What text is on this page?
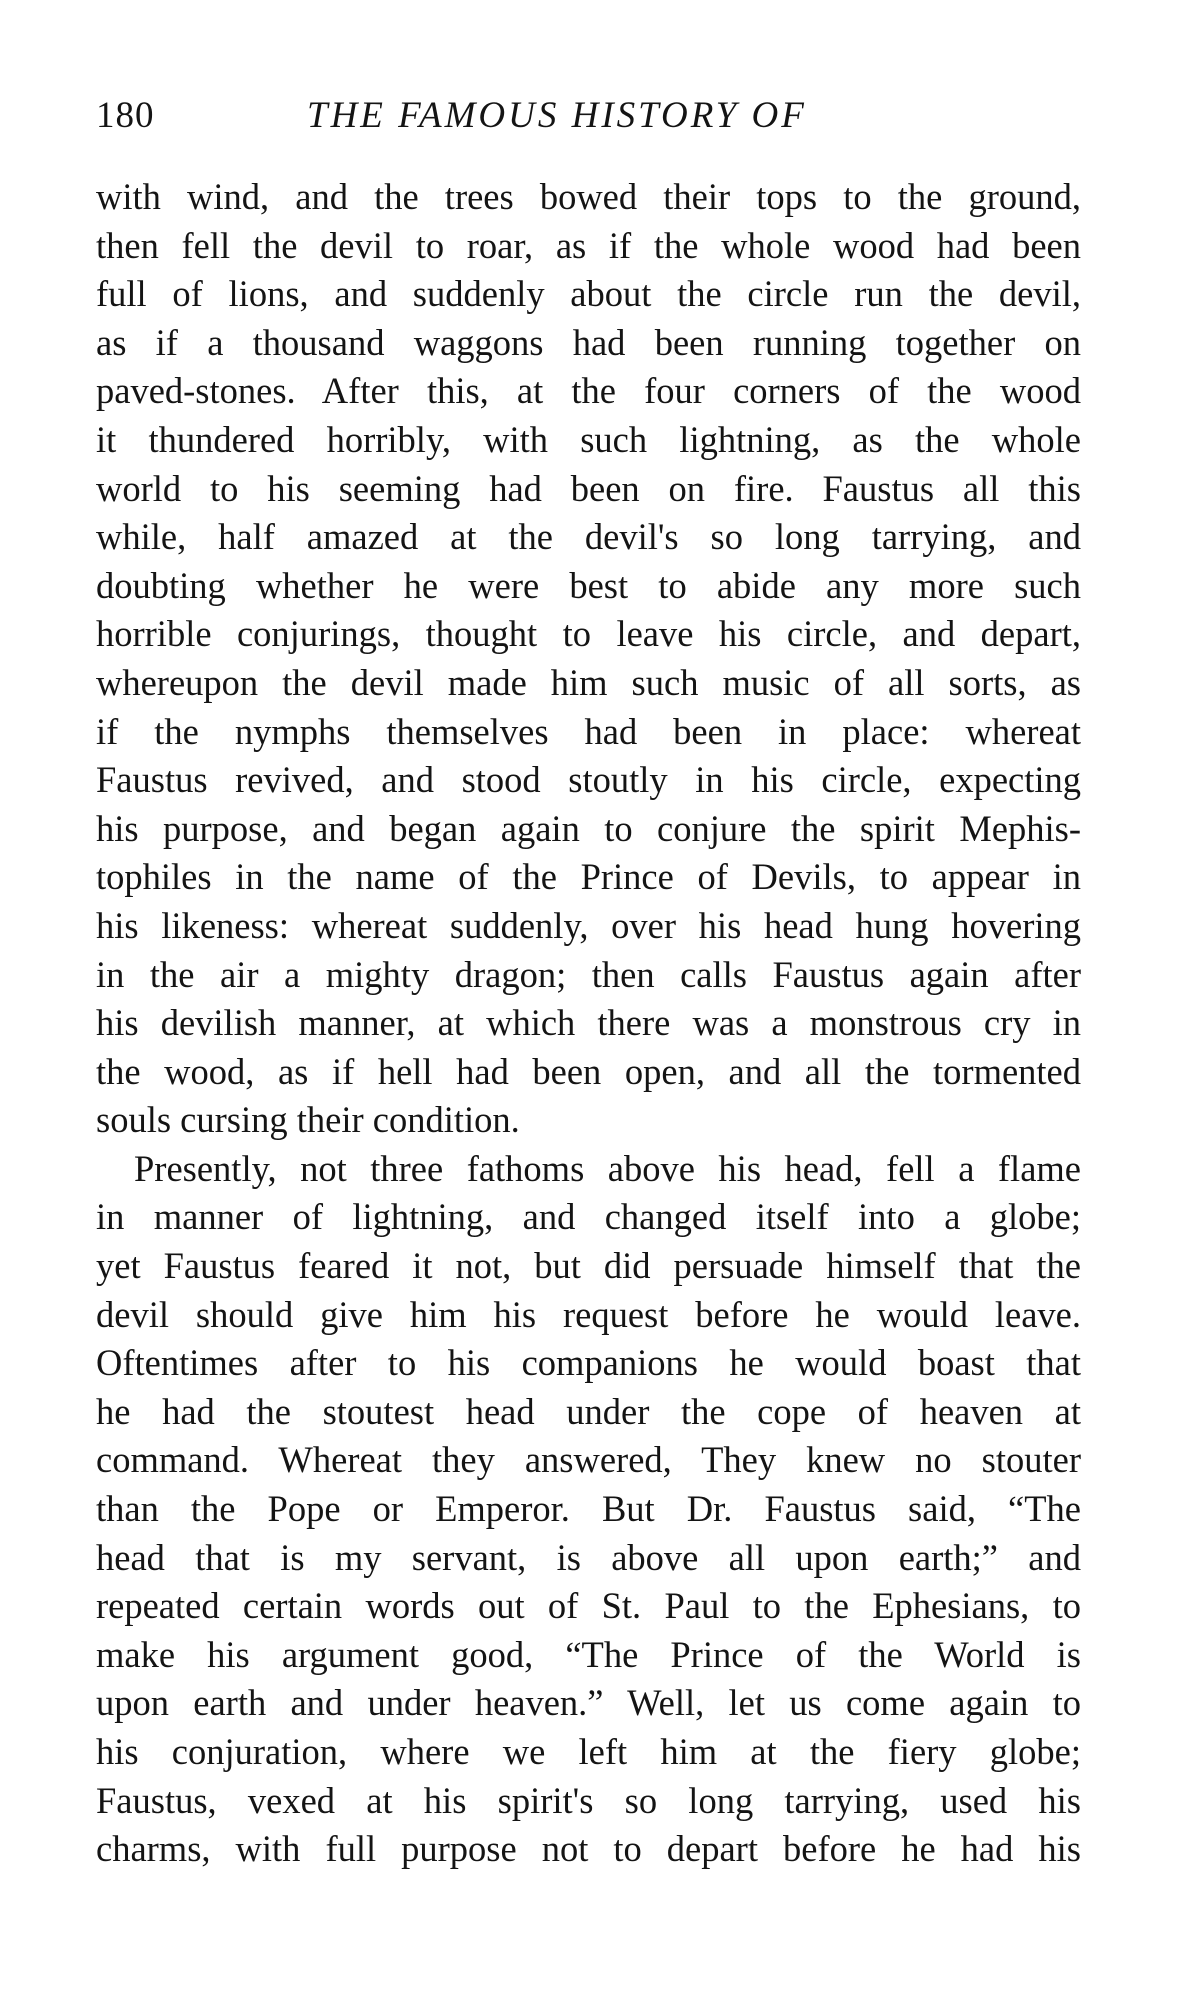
180	THE FAMOUS HISTORY OF
with wind, and the trees bowed their tops to the ground,
then fell the devil to roar, as if the whole wood had been
full of lions, and suddenly about the circle run the devil,
as if a thousand waggons had been running together on
paved-stones. After this, at the four corners of the wood
it thundered horribly, with such lightning, as the whole
world to his seeming had been on fire. Faustus all this
while, half amazed at the devil's so long tarrying, and
doubting whether he were best to abide any more such
horrible conjurings, thought to leave his circle, and depart,
whereupon the devil made him such music of all sorts, as
if the nymphs themselves had been in place: whereat
Faustus revived, and stood stoutly in his circle, expecting
his purpose, and began again to conjure the spirit Mephis-
tophiles in the name of the Prince of Devils, to appear in
his likeness: whereat suddenly, over his head hung hovering
in the air a mighty dragon; then calls Faustus again after
his devilish manner, at which there was a monstrous cry in
the wood, as if hell had been open, and all the tormented
souls cursing their condition.
Presently, not three fathoms above his head, fell a flame
in manner of lightning, and changed itself into a globe;
yet Faustus feared it not, but did persuade himself that the
devil should give him his request before he would leave.
Oftentimes after to his companions he would boast that
he had the stoutest head under the cope of heaven at
command. Whereat they answered, They knew no stouter
than the Pope or Emperor. But Dr. Faustus said, “The
head that is my servant, is above all upon earth;” and
repeated certain words out of St. Paul to the Ephesians, to
make his argument good, “The Prince of the World is
upon earth and under heaven.” Well, let us come again to
his conjuration, where we left him at the fiery globe;
Faustus, vexed at his spirit's so long tarrying, used his
charms, with full purpose not to depart before he had his
